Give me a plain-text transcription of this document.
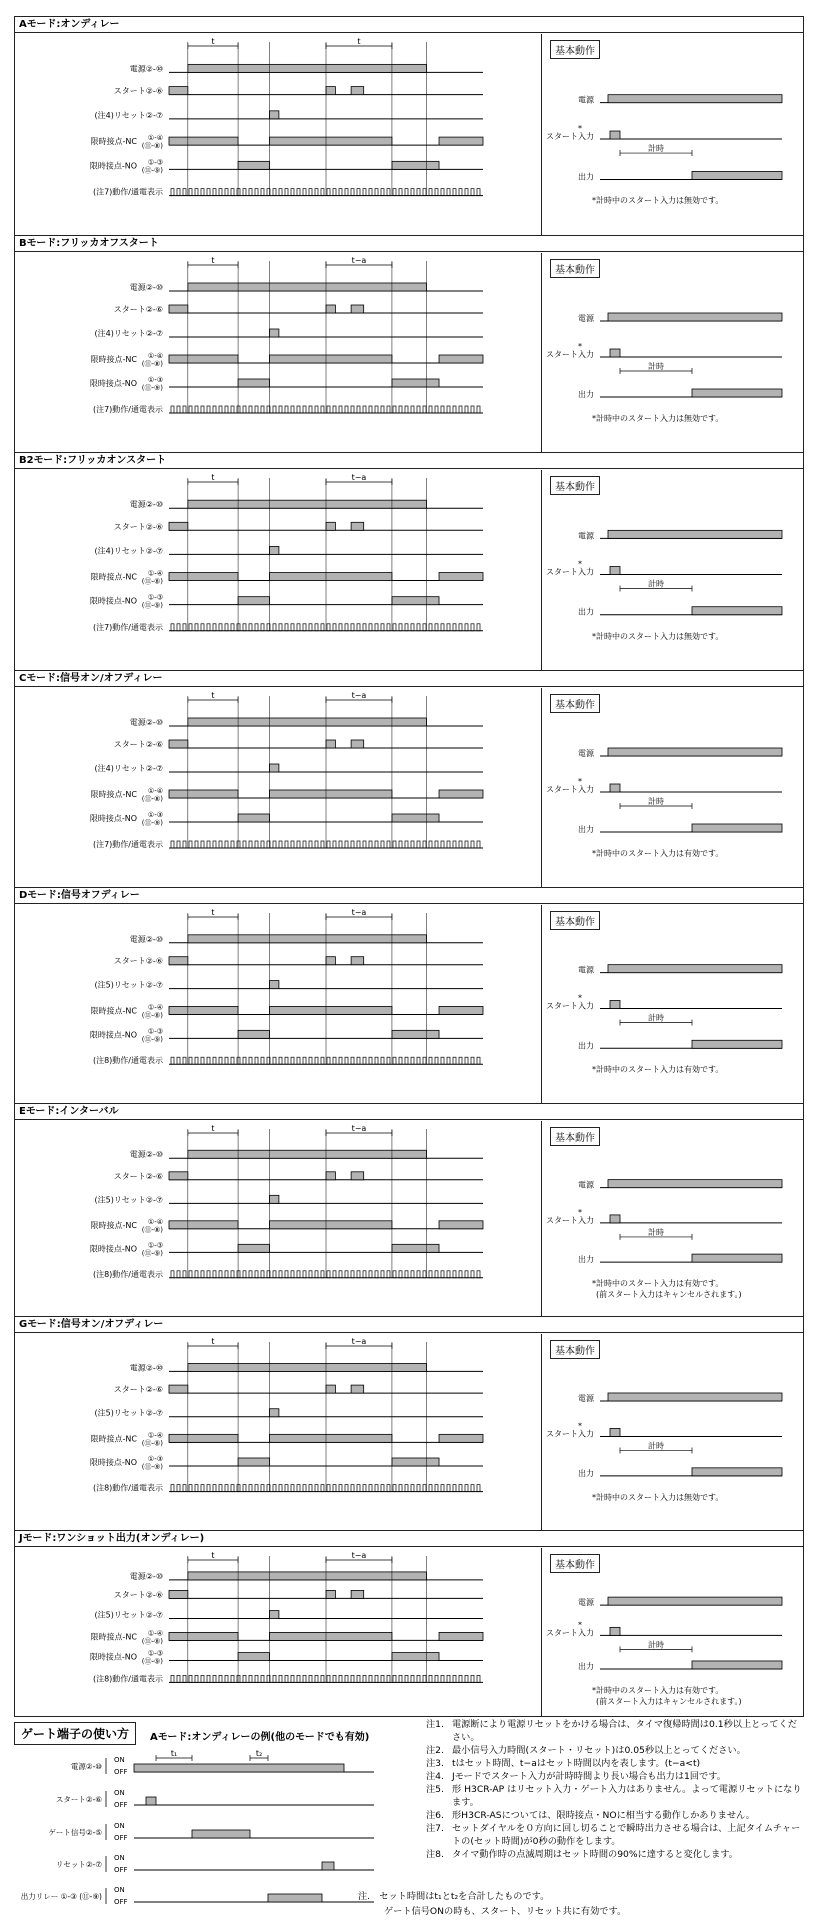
Aモード:オンディレー
電源②-⑩
スタート②-⑥
(注4)リセット②-⑦
限時接点-NC ①-④
(⑪-⑧)
限時接点-NO ①-③
(⑪-⑨)
(注7)動作/通電表示
t	t
基本動作
電源
スタート入力
*
出力
計時
*計時中のスタート入力は無効です。
Bモード:フリッカオフスタート
電源②-⑩
スタート②-⑥
(注4)リセット②-⑦
限時接点-NC ①-④
(⑪-⑧)
限時接点-NO ①-③
(⑪-⑨)
(注7)動作/通電表示
t	t−a
基本動作
電源
スタート入力
*
出力
計時
*計時中のスタート入力は無効です。
B2モード:フリッカオンスタート
電源②-⑩
スタート②-⑥
(注4)リセット②-⑦
限時接点-NC ①-④
(⑪-⑧)
限時接点-NO ①-③
(⑪-⑨)
(注7)動作/通電表示
t	t−a
基本動作
電源
スタート入力
*
出力
計時
*計時中のスタート入力は無効です。
Cモード:信号オン/オフディレー
電源②-⑩
スタート②-⑥
(注4)リセット②-⑦
限時接点-NC ①-④
(⑪-⑧)
限時接点-NO ①-③
(⑪-⑨)
(注7)動作/通電表示
t	t−a
基本動作
電源
スタート入力
*
出力
計時
*計時中のスタート入力は有効です。
Dモード:信号オフディレー
電源②-⑩
スタート②-⑥
(注5)リセット②-⑦
限時接点-NC ①-④
(⑪-⑧)
限時接点-NO ①-③
(⑪-⑨)
(注8)動作/通電表示
t	t−a
基本動作
電源
スタート入力
*
出力
計時
*計時中のスタート入力は有効です。
Eモード:インターバル
電源②-⑩
スタート②-⑥
(注5)リセット②-⑦
限時接点-NC ①-④
(⑪-⑧)
限時接点-NO ①-③
(⑪-⑨)
(注8)動作/通電表示
t	t−a
基本動作
電源
スタート入力
*
出力
計時
*計時中のスタート入力は有効です。
(前スタート入力はキャンセルされます。)
Gモード:信号オン/オフディレー
電源②-⑩
スタート②-⑥
(注5)リセット②-⑦
限時接点-NC ①-④
(⑪-⑧)
限時接点-NO ①-③
(⑪-⑨)
(注8)動作/通電表示
t	t−a
基本動作
電源
スタート入力
*
出力
計時
*計時中のスタート入力は無効です。
Jモード:ワンショット出力(オンディレー)
電源②-⑩
スタート②-⑥
(注5)リセット②-⑦
限時接点-NC ①-④
(⑪-⑧)
限時接点-NO ①-③
(⑪-⑨)
(注8)動作/通電表示
t	t−a
基本動作
電源
スタート入力
*
出力
計時
*計時中のスタート入力は有効です。
(前スタート入力はキャンセルされます。)
ゲート端子の使い方	Aモード:オンディレーの例(他のモードでも有効)
電源②-⑩
ON
OFF
スタート②-⑥
ON
OFF
ゲート信号②-⑤
ON
OFF
リセット②-⑦
ON
OFF
出力リレー ①-③ (⑪-⑨)
ON
OFF
t₁	t₂
注1. 電源断により電源リセットをかける場合は、タイマ復帰時間は0.1秒以上とってください。
注2. 最小信号入力時間(スタート・リセット)は0.05秒以上とってください。
注3. tはセット時間、t−aはセット時間以内を表します。(t−a<t)
注4. Jモードでスタート入力が計時時間より長い場合も出力は1回です。
注5. 形 H3CR-AP はリセット入力・ゲート入力はありません。よって電源リセットになります。
注6. 形H3CR-ASについては、限時接点・NOに相当する動作しかありません。
注7. セットダイヤルを０方向に回し切ることで瞬時出力させる場合は、上記タイムチャートの(セット時間)が0秒の動作をします。
注8. タイマ動作時の点滅周期はセット時間の90%に達すると変化します。
注.　セット時間はt₁とt₂を合計したものです。
ゲート信号ONの時も、スタート、リセット共に有効です。
